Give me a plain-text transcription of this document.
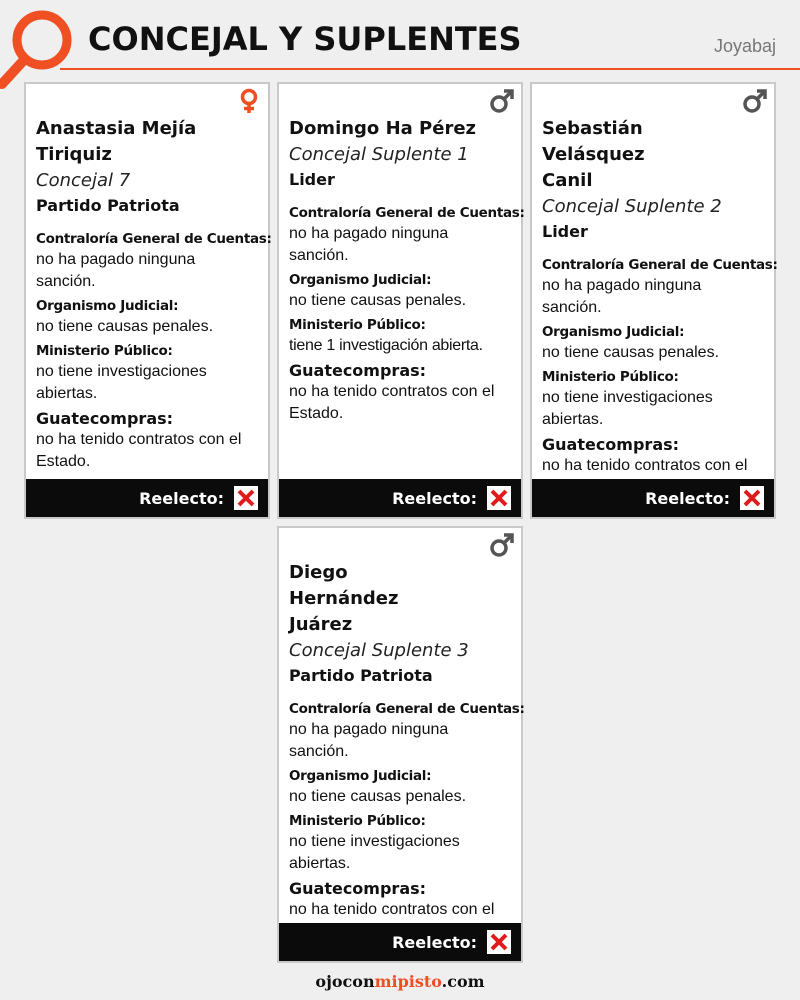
CONCEJAL Y SUPLENTES	Joyabaj
Anastasia Mejía Tiriquiz
Concejal 7
Partido Patriota
Contraloría General de Cuentas:
no ha pagado ninguna sanción.
Organismo Judicial:
no tiene causas penales.
Ministerio Público:
no tiene investigaciones abiertas.
Guatecompras:
no ha tenido contratos con el Estado.
Reelecto:
Domingo Ha Pérez
Concejal Suplente 1
Lider
Contraloría General de Cuentas:
no ha pagado ninguna sanción.
Organismo Judicial:
no tiene causas penales.
Ministerio Público:
tiene 1 investigación abierta.
Guatecompras:
no ha tenido contratos con el Estado.
Reelecto:
Sebastián Velásquez Canil
Concejal Suplente 2
Lider
Contraloría General de Cuentas:
no ha pagado ninguna sanción.
Organismo Judicial:
no tiene causas penales.
Ministerio Público:
no tiene investigaciones abiertas.
Guatecompras:
no ha tenido contratos con el
Reelecto:
Diego Hernández Juárez
Concejal Suplente 3
Partido Patriota
Contraloría General de Cuentas:
no ha pagado ninguna sanción.
Organismo Judicial:
no tiene causas penales.
Ministerio Público:
no tiene investigaciones abiertas.
Guatecompras:
no ha tenido contratos con el
Reelecto:
ojoconmipisto.com
